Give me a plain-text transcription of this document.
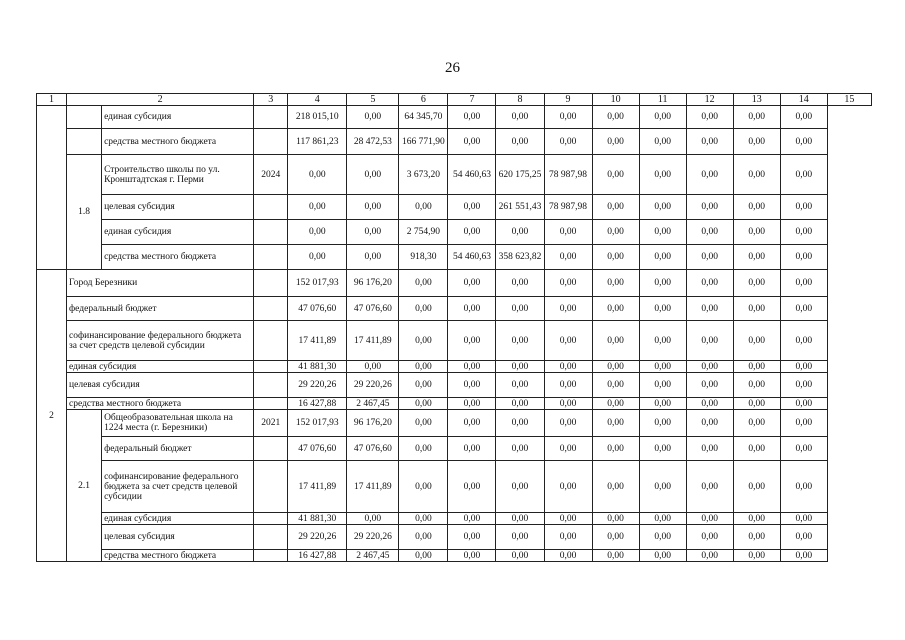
26
1	2		3	4	5	6	7	8	9	10	11	12	13	14	15
		единая субсидия		218 015,10	0,00	64 345,70	0,00	0,00	0,00	0,00	0,00	0,00	0,00	0,00	
		средства местного бюджета		117 861,23	28 472,53	166 771,90	0,00	0,00	0,00	0,00	0,00	0,00	0,00	0,00	
	1.8	Строительство школы по ул. Кронштадтская г. Перми	2024	0,00	0,00	3 673,20	54 460,63	620 175,25	78 987,98	0,00	0,00	0,00	0,00	0,00	
		целевая субсидия		0,00	0,00	0,00	0,00	261 551,43	78 987,98	0,00	0,00	0,00	0,00	0,00	
		единая субсидия		0,00	0,00	2 754,90	0,00	0,00	0,00	0,00	0,00	0,00	0,00	0,00	
		средства местного бюджета		0,00	0,00	918,30	54 460,63	358 623,82	0,00	0,00	0,00	0,00	0,00	0,00	
2	Город Березники			152 017,93	96 176,20	0,00	0,00	0,00	0,00	0,00	0,00	0,00	0,00	0,00	
	федеральный бюджет			47 076,60	47 076,60	0,00	0,00	0,00	0,00	0,00	0,00	0,00	0,00	0,00	
	софинансирование федерального бюджета за счет средств целевой субсидии			17 411,89	17 411,89	0,00	0,00	0,00	0,00	0,00	0,00	0,00	0,00	0,00	
	единая субсидия			41 881,30	0,00	0,00	0,00	0,00	0,00	0,00	0,00	0,00	0,00	0,00	
	целевая субсидия			29 220,26	29 220,26	0,00	0,00	0,00	0,00	0,00	0,00	0,00	0,00	0,00	
	средства местного бюджета			16 427,88	2 467,45	0,00	0,00	0,00	0,00	0,00	0,00	0,00	0,00	0,00	
	2.1	Общеобразовательная школа на 1224 места (г. Березники)	2021	152 017,93	96 176,20	0,00	0,00	0,00	0,00	0,00	0,00	0,00	0,00	0,00	
		федеральный бюджет		47 076,60	47 076,60	0,00	0,00	0,00	0,00	0,00	0,00	0,00	0,00	0,00	
		софинансирование федерального бюджета за счет средств целевой субсидии		17 411,89	17 411,89	0,00	0,00	0,00	0,00	0,00	0,00	0,00	0,00	0,00	
		единая субсидия		41 881,30	0,00	0,00	0,00	0,00	0,00	0,00	0,00	0,00	0,00	0,00	
		целевая субсидия		29 220,26	29 220,26	0,00	0,00	0,00	0,00	0,00	0,00	0,00	0,00	0,00	
		средства местного бюджета		16 427,88	2 467,45	0,00	0,00	0,00	0,00	0,00	0,00	0,00	0,00	0,00	
